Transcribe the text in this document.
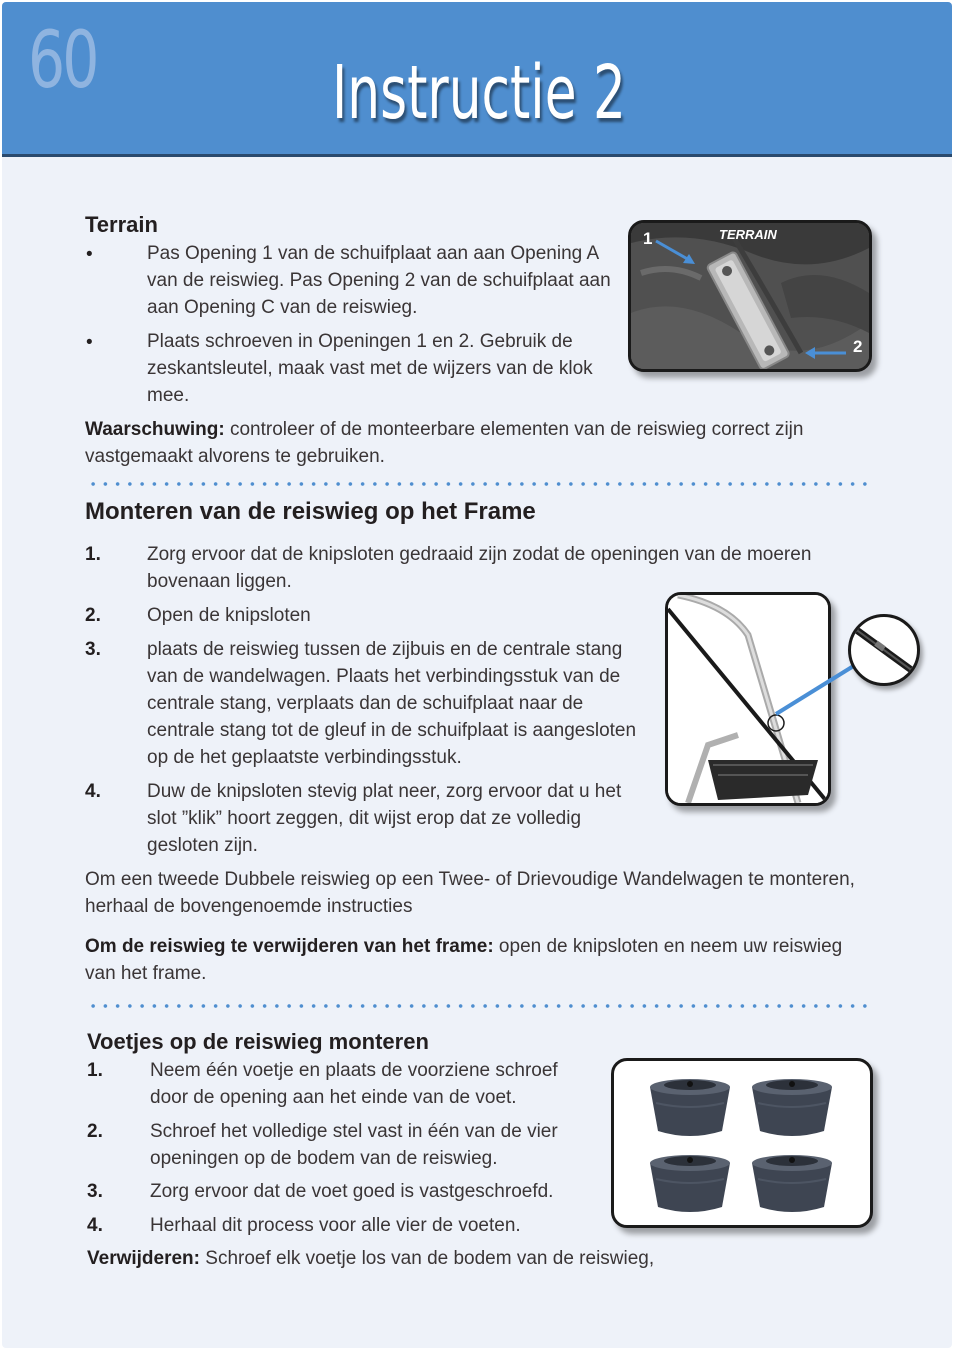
60	Instructie 2
Terrain
•	Pas Opening 1 van de schuifplaat aan aan Opening A van de reiswieg. Pas Opening 2 van de schuifplaat aan aan Opening C van de reiswieg.

•	Plaats schroeven in Openingen 1 en 2. Gebruik de zeskantsleutel, maak vast met de wijzers van de klok mee.

Waarschuwing: controleer of de monteerbare elementen van de reiswieg correct zijn vastgemaakt alvorens te gebruiken.

TERRAIN
1
2
Monteren van de reiswieg op het Frame
1. Zorg ervoor dat de knipsloten gedraaid zijn zodat de openingen van de moeren bovenaan liggen.

2. Open de knipsloten

3. plaats de reiswieg tussen de zijbuis en de centrale stang van de wandelwagen. Plaats het verbindingsstuk van de centrale stang, verplaats dan de schuifplaat naar de centrale stang tot de gleuf in de schuifplaat is aangesloten op de het geplaatste verbindingsstuk.

4. Duw de knipsloten stevig plat neer, zorg ervoor dat u het slot ”klik” hoort zeggen, dit wijst erop dat ze volledig gesloten zijn.

Om een tweede Dubbele reiswieg op een Twee- of Drievoudige Wandelwagen te monteren, herhaal de bovengenoemde instructies

Om de reiswieg te verwijderen van het frame: open de knipsloten en neem uw reiswieg van het frame.

Voetjes op de reiswieg monteren
1. Neem één voetje en plaats de voorziene schroef door de opening aan het einde van de voet.

2. Schroef het volledige stel vast in één van de vier openingen op de bodem van de reiswieg.

3. Zorg ervoor dat de voet goed is vastgeschroefd.

4. Herhaal dit process voor alle vier de voeten.

Verwijderen: Schroef elk voetje los van de bodem van de reiswieg,
